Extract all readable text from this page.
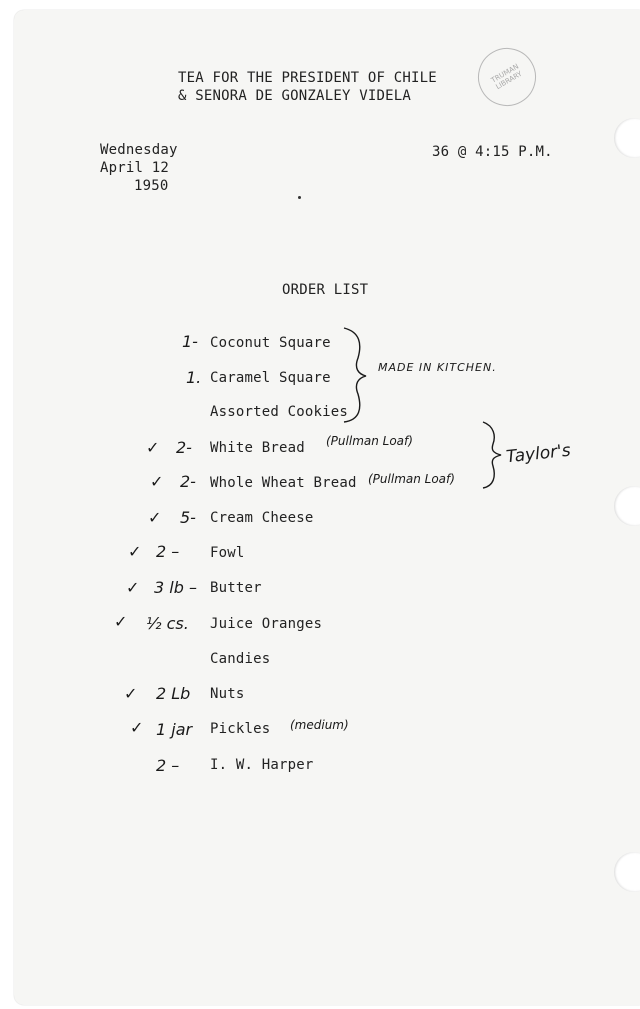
TRUMAN LIBRARY
TEA FOR THE PRESIDENT OF CHILE
& SENORA DE GONZALEY VIDELA
Wednesday
April 12
1950
36 @ 4:15 P.M.
ORDER LIST
1- Coconut Square
1. Caramel Square
Assorted Cookies
✓ 2- White Bread (Pullman Loaf)
✓ 2- Whole Wheat Bread (Pullman Loaf)
✓ 5- Cream Cheese
✓ 2 – Fowl
✓ 3 lb – Butter
✓ ½ cs. Juice Oranges
Candies
✓ 2 Lb Nuts
✓ 1 jar Pickles (medium)
2 – I. W. Harper
MADE IN KITCHEN.
Taylor's
